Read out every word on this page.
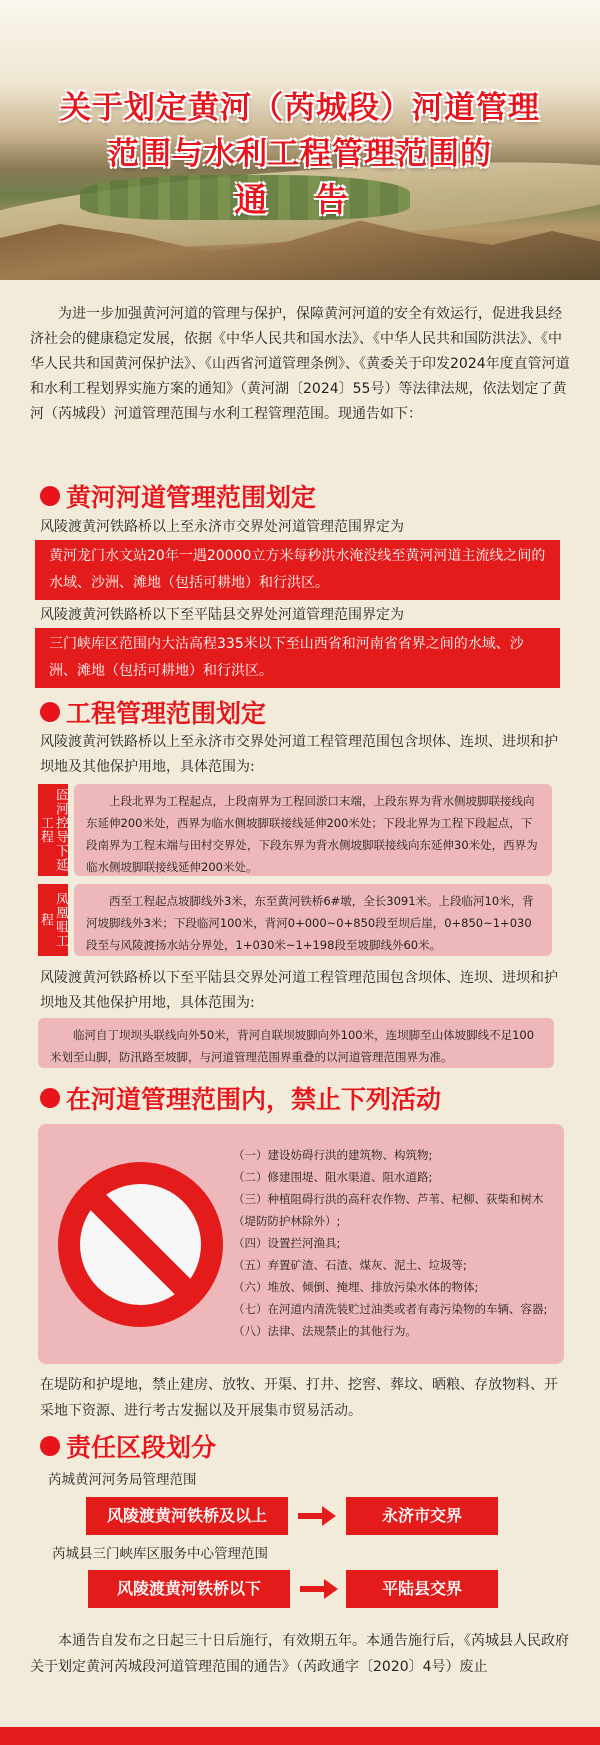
关于划定黄河（芮城段）河道管理
范围与水利工程管理范围的
通 告
为进一步加强黄河河道的管理与保护，保障黄河河道的安全有效运行，促进我县经济社会的健康稳定发展，依据《中华人民共和国水法》、《中华人民共和国防洪法》、《中华人民共和国黄河保护法》、《山西省河道管理条例》、《黄委关于印发2024年度直管河道和水利工程划界实施方案的通知》（黄河湖〔2024〕55号）等法律法规，依法划定了黄河（芮城段）河道管理范围与水利工程管理范围。现通告如下：
黄河河道管理范围划定
风陵渡黄河铁路桥以上至永济市交界处河道管理范围界定为
黄河龙门水文站20年一遇20000立方米每秒洪水淹没线至黄河河道主流线之间的水域、沙洲、滩地（包括可耕地）和行洪区。
风陵渡黄河铁路桥以下至平陆县交界处河道管理范围界定为
三门峡库区范围内大沽高程335米以下至山西省和河南省省界之间的水域、沙洲、滩地（包括可耕地）和行洪区。
工程管理范围划定
风陵渡黄河铁路桥以上至永济市交界处河道工程管理范围包含坝体、连坝、进坝和护坝地及其他保护用地，具体范围为:
匼河控导下延工程
上段北界为工程起点，上段南界为工程回淤口末端，上段东界为背水侧坡脚联接线向东延伸200米处，西界为临水侧坡脚联接线延伸200米处；下段北界为工程下段起点，下段南界为工程末端与田村交界处，下段东界为背水侧坡脚联接线向东延伸30米处，西界为临水侧坡脚联接线延伸200米处。
凤凰咀工程
西至工程起点坡脚线外3米，东至黄河铁桥6#墩，全长3091米。上段临河10米，背河坡脚线外3米；下段临河100米，背河0+000~0+850段至坝后崖，0+850~1+030段至与风陵渡扬水站分界处，1+030米~1+198段至坡脚线外60米。
风陵渡黄河铁路桥以下至平陆县交界处河道工程管理范围包含坝体、连坝、进坝和护坝地及其他保护用地，具体范围为:
临河自丁坝坝头联线向外50米，背河自联坝坡脚向外100米，连坝脚至山体坡脚线不足100米划至山脚，防汛路至坡脚，与河道管理范围界重叠的以河道管理范围界为准。
在河道管理范围内，禁止下列活动
（一）建设妨碍行洪的建筑物、构筑物;
（二）修建围堤、阻水渠道、阻水道路;
（三）种植阻碍行洪的高秆农作物、芦苇、杞柳、荻柴和树木（堤防防护林除外）;
（四）设置拦河渔具;
（五）弃置矿渣、石渣、煤灰、泥土、垃圾等;
（六）堆放、倾倒、掩埋、排放污染水体的物体;
（七）在河道内清洗装贮过油类或者有毒污染物的车辆、容器;
（八）法律、法规禁止的其他行为。
在堤防和护堤地，禁止建房、放牧、开渠、打井、挖窖、葬坟、晒粮、存放物料、开采地下资源、进行考古发掘以及开展集市贸易活动。
责任区段划分
芮城黄河河务局管理范围
风陵渡黄河铁桥及以上	永济市交界
芮城县三门峡库区服务中心管理范围
风陵渡黄河铁桥以下	平陆县交界
本通告自发布之日起三十日后施行，有效期五年。本通告施行后，《芮城县人民政府关于划定黄河芮城段河道管理范围的通告》（芮政通字〔2020〕4号）废止
